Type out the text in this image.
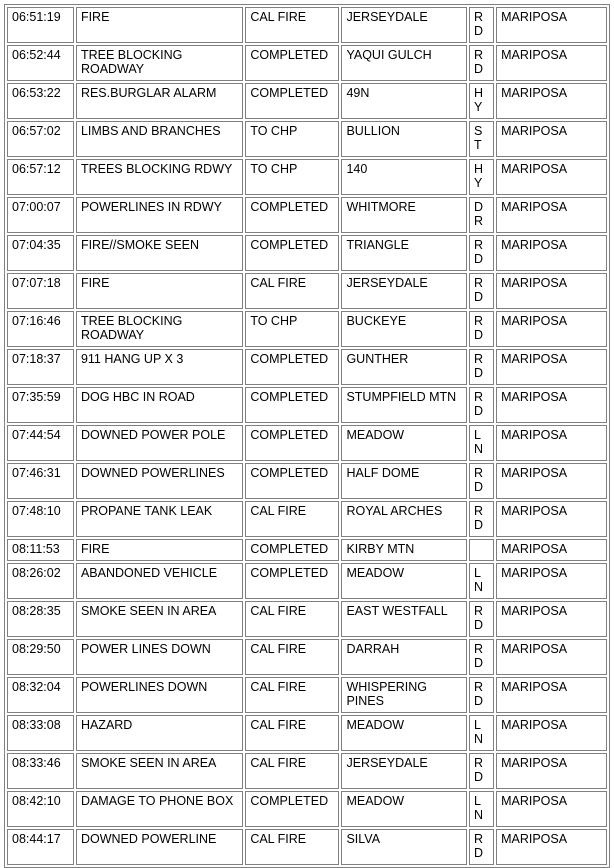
06:51:19	FIRE	CAL FIRE	JERSEYDALE	RD	MARIPOSA
06:52:44	TREE BLOCKING ROADWAY	COMPLETED	YAQUI GULCH	RD	MARIPOSA
06:53:22	RES.BURGLAR ALARM	COMPLETED	49N	HY	MARIPOSA
06:57:02	LIMBS AND BRANCHES	TO CHP	BULLION	ST	MARIPOSA
06:57:12	TREES BLOCKING RDWY	TO CHP	140	HY	MARIPOSA
07:00:07	POWERLINES IN RDWY	COMPLETED	WHITMORE	DR	MARIPOSA
07:04:35	FIRE//SMOKE SEEN	COMPLETED	TRIANGLE	RD	MARIPOSA
07:07:18	FIRE	CAL FIRE	JERSEYDALE	RD	MARIPOSA
07:16:46	TREE BLOCKING ROADWAY	TO CHP	BUCKEYE	RD	MARIPOSA
07:18:37	911 HANG UP X 3	COMPLETED	GUNTHER	RD	MARIPOSA
07:35:59	DOG HBC IN ROAD	COMPLETED	STUMPFIELD MTN	RD	MARIPOSA
07:44:54	DOWNED POWER POLE	COMPLETED	MEADOW	LN	MARIPOSA
07:46:31	DOWNED POWERLINES	COMPLETED	HALF DOME	RD	MARIPOSA
07:48:10	PROPANE TANK LEAK	CAL FIRE	ROYAL ARCHES	RD	MARIPOSA
08:11:53	FIRE	COMPLETED	KIRBY MTN		MARIPOSA
08:26:02	ABANDONED VEHICLE	COMPLETED	MEADOW	LN	MARIPOSA
08:28:35	SMOKE SEEN IN AREA	CAL FIRE	EAST WESTFALL	RD	MARIPOSA
08:29:50	POWER LINES DOWN	CAL FIRE	DARRAH	RD	MARIPOSA
08:32:04	POWERLINES DOWN	CAL FIRE	WHISPERING PINES	RD	MARIPOSA
08:33:08	HAZARD	CAL FIRE	MEADOW	LN	MARIPOSA
08:33:46	SMOKE SEEN IN AREA	CAL FIRE	JERSEYDALE	RD	MARIPOSA
08:42:10	DAMAGE TO PHONE BOX	COMPLETED	MEADOW	LN	MARIPOSA
08:44:17	DOWNED POWERLINE	CAL FIRE	SILVA	RD	MARIPOSA
